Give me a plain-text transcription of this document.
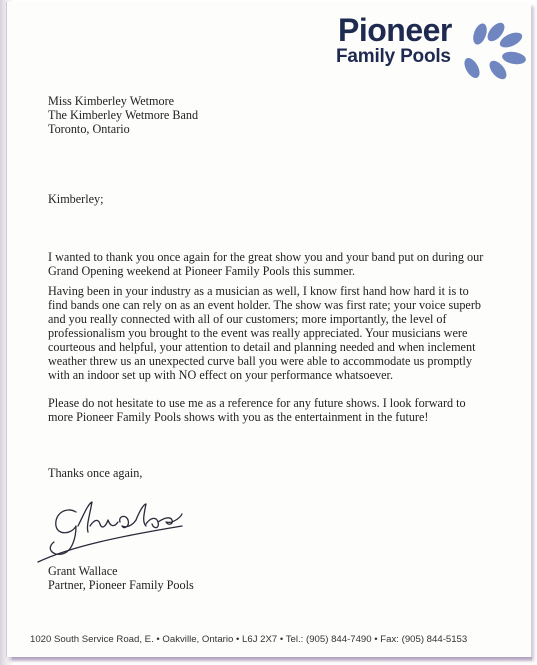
Pioneer
Family Pools
Miss Kimberley Wetmore
The Kimberley Wetmore Band
Toronto, Ontario
Kimberley;
I wanted to thank you once again for the great show you and your band put on during our
Grand Opening weekend at Pioneer Family Pools this summer.
Having been in your industry as a musician as well, I know first hand how hard it is to
find bands one can rely on as an event holder. The show was first rate; your voice superb
and you really connected with all of our customers; more importantly, the level of
professionalism you brought to the event was really appreciated. Your musicians were
courteous and helpful, your attention to detail and planning needed and when inclement
weather threw us an unexpected curve ball you were able to accommodate us promptly
with an indoor set up with NO effect on your performance whatsoever.
Please do not hesitate to use me as a reference for any future shows. I look forward to
more Pioneer Family Pools shows with you as the entertainment in the future!
Thanks once again,
Grant Wallace
Partner, Pioneer Family Pools
1020 South Service Road, E. • Oakville, Ontario • L6J 2X7 • Tel.: (905) 844-7490 • Fax: (905) 844-5153
